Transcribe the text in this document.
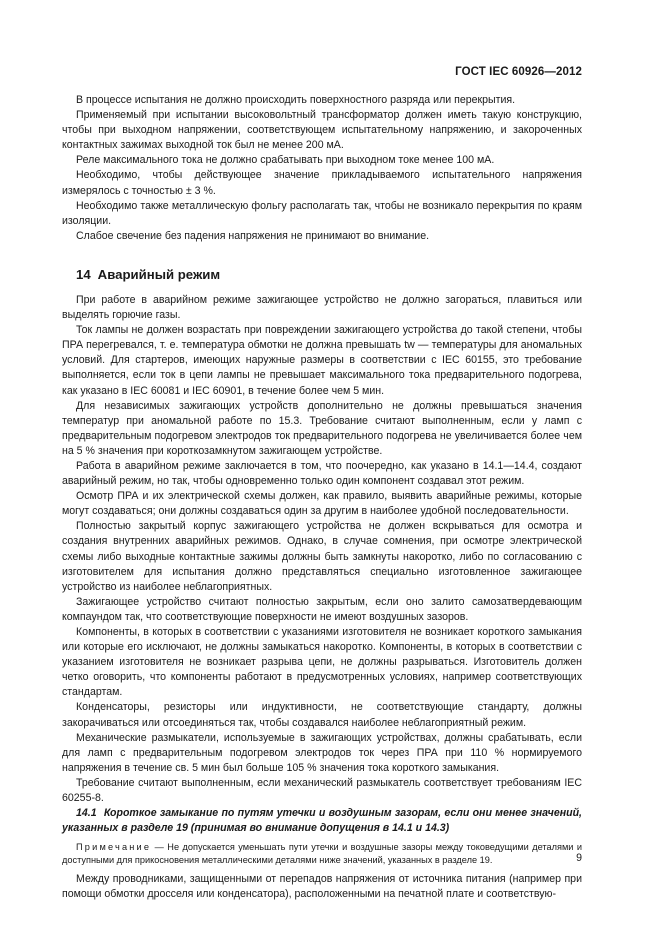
ГОСТ IEC 60926—2012

В процессе испытания не должно происходить поверхностного разряда или перекрытия.

Применяемый при испытании высоковольтный трансформатор должен иметь такую конструкцию, чтобы при выходном напряжении, соответствующем испытательному напряжению, и закороченных контактных зажимах выходной ток был не менее 200 мА.

Реле максимального тока не должно срабатывать при выходном токе менее 100 мА.

Необходимо, чтобы действующее значение прикладываемого испытательного напряжения измерялось с точностью ± 3 %.

Необходимо также металлическую фольгу располагать так, чтобы не возникало перекрытия по краям изоляции.

Слабое свечение без падения напряжения не принимают во внимание.

14 Аварийный режим

При работе в аварийном режиме зажигающее устройство не должно загораться, плавиться или выделять горючие газы.

Ток лампы не должен возрастать при повреждении зажигающего устройства до такой степени, чтобы ПРА перегревался, т. е. температура обмотки не должна превышать tw — температуры для аномальных условий. Для стартеров, имеющих наружные размеры в соответствии с IEC 60155, это требование выполняется, если ток в цепи лампы не превышает максимального тока предварительного подогрева, как указано в IEC 60081 и IEC 60901, в течение более чем 5 мин.

Для независимых зажигающих устройств дополнительно не должны превышаться значения температур при аномальной работе по 15.3. Требование считают выполненным, если у ламп с предварительным подогревом электродов ток предварительного подогрева не увеличивается более чем на 5 % значения при короткозамкнутом зажигающем устройстве.

Работа в аварийном режиме заключается в том, что поочередно, как указано в 14.1—14.4, создают аварийный режим, но так, чтобы одновременно только один компонент создавал этот режим.

Осмотр ПРА и их электрической схемы должен, как правило, выявить аварийные режимы, которые могут создаваться; они должны создаваться один за другим в наиболее удобной последовательности.

Полностью закрытый корпус зажигающего устройства не должен вскрываться для осмотра и создания внутренних аварийных режимов. Однако, в случае сомнения, при осмотре электрической схемы либо выходные контактные зажимы должны быть замкнуты накоротко, либо по согласованию с изготовителем для испытания должно представляться специально изготовленное зажигающее устройство из наиболее неблагоприятных.

Зажигающее устройство считают полностью закрытым, если оно залито самозатвердевающим компаундом так, что соответствующие поверхности не имеют воздушных зазоров.

Компоненты, в которых в соответствии с указаниями изготовителя не возникает короткого замыкания или которые его исключают, не должны замыкаться накоротко. Компоненты, в которых в соответствии с указанием изготовителя не возникает разрыва цепи, не должны разрываться. Изготовитель должен четко оговорить, что компоненты работают в предусмотренных условиях, например соответствующих стандартам.

Конденсаторы, резисторы или индуктивности, не соответствующие стандарту, должны закорачиваться или отсоединяться так, чтобы создавался наиболее неблагоприятный режим.

Механические размыкатели, используемые в зажигающих устройствах, должны срабатывать, если для ламп с предварительным подогревом электродов ток через ПРА при 110 % нормируемого напряжения в течение св. 5 мин был больше 105 % значения тока короткого замыкания.

Требование считают выполненным, если механический размыкатель соответствует требованиям IEC 60255-8.

14.1 Короткое замыкание по путям утечки и воздушным зазорам, если они менее значений, указанных в разделе 19 (принимая во внимание допущения в 14.1 и 14.3)

Примечание — Не допускается уменьшать пути утечки и воздушные зазоры между токоведущими деталями и доступными для прикосновения металлическими деталями ниже значений, указанных в разделе 19.

Между проводниками, защищенными от перепадов напряжения от источника питания (например при помощи обмотки дросселя или конденсатора), расположенными на печатной плате и соответствую-

9
